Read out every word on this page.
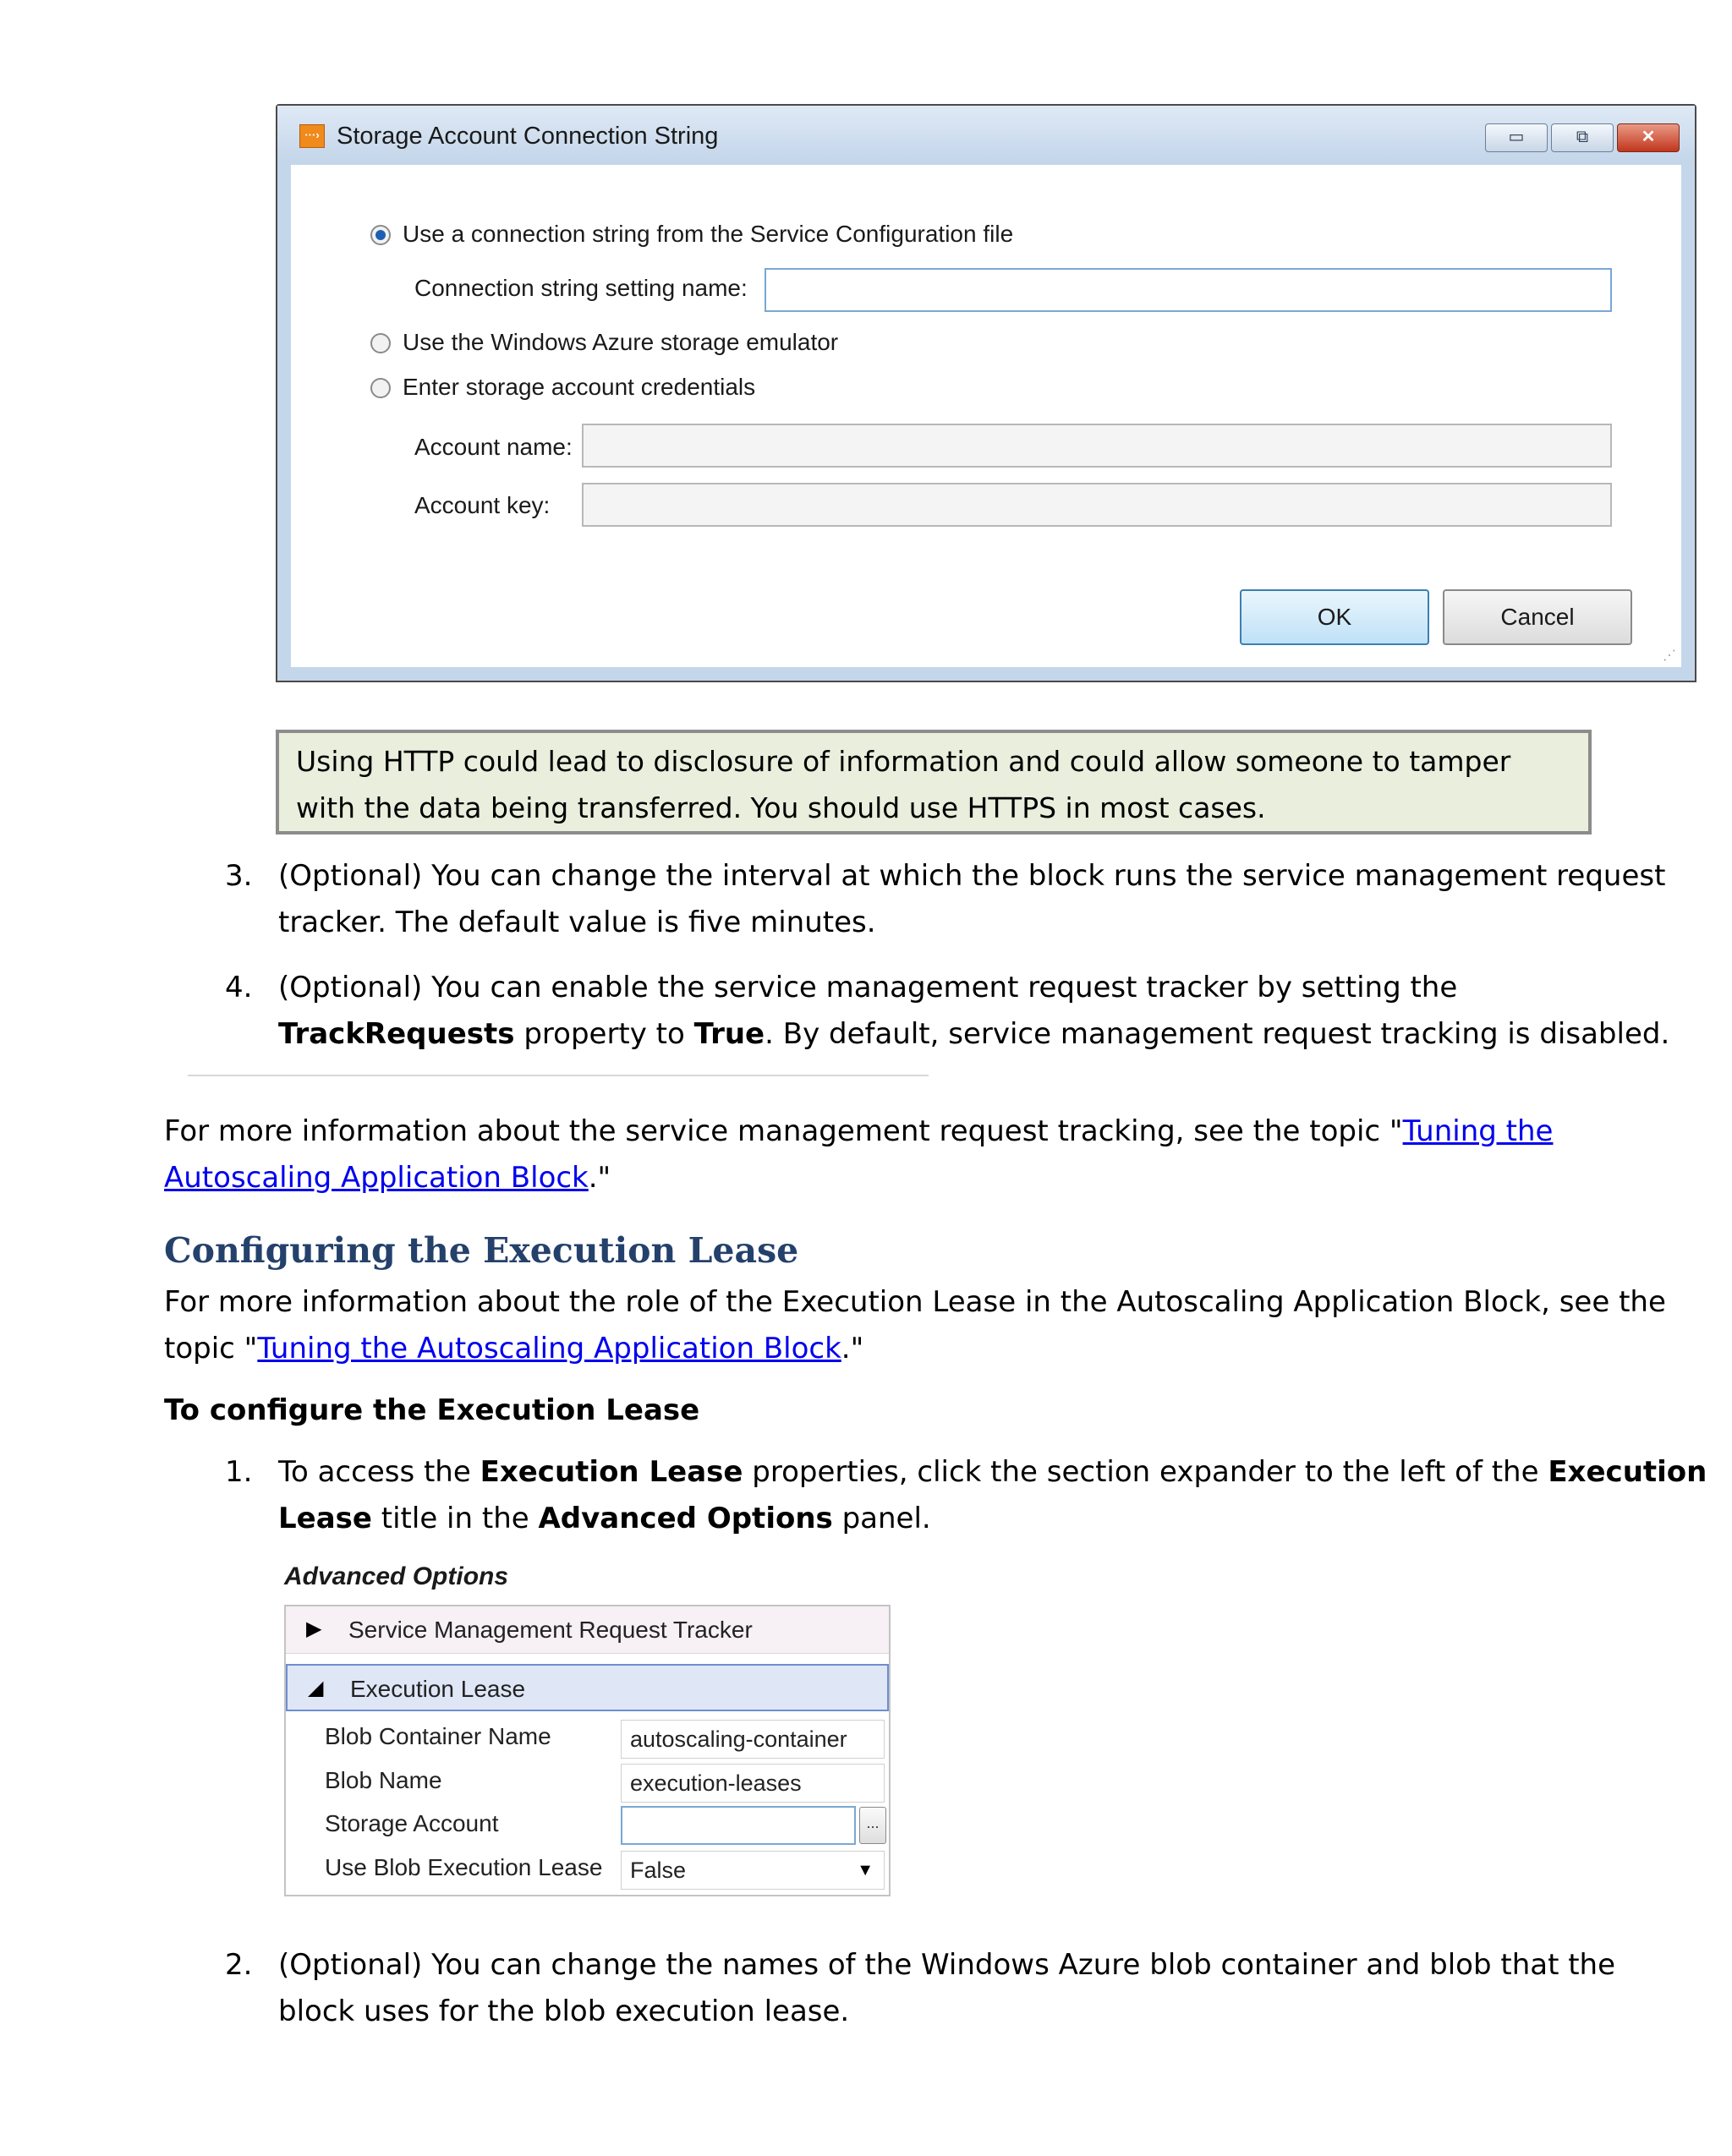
···› Storage Account Connection String	▭	⧉	✕
Use a connection string from the Service Configuration file
Connection string setting name:
Use the Windows Azure storage emulator
Enter storage account credentials
Account name:
Account key:
OK	Cancel
⋰
Using HTTP could lead to disclosure of information and could allow someone to tamper with the data being transferred. You should use HTTPS in most cases.
3. (Optional) You can change the interval at which the block runs the service management request
tracker. The default value is five minutes.
4. (Optional) You can enable the service management request tracker by setting the
TrackRequests property to True. By default, service management request tracking is disabled.
For more information about the service management request tracking, see the topic "Tuning the
Autoscaling Application Block."
Configuring the Execution Lease
For more information about the role of the Execution Lease in the Autoscaling Application Block, see the
topic "Tuning the Autoscaling Application Block."
To configure the Execution Lease
1. To access the Execution Lease properties, click the section expander to the left of the Execution
Lease title in the Advanced Options panel.
Advanced Options
▶ Service Management Request Tracker
◢ Execution Lease
Blob Container Name	autoscaling-container
Blob Name	execution-leases
Storage Account	...
Use Blob Execution Lease	False	▼
2. (Optional) You can change the names of the Windows Azure blob container and blob that the
block uses for the blob execution lease.
